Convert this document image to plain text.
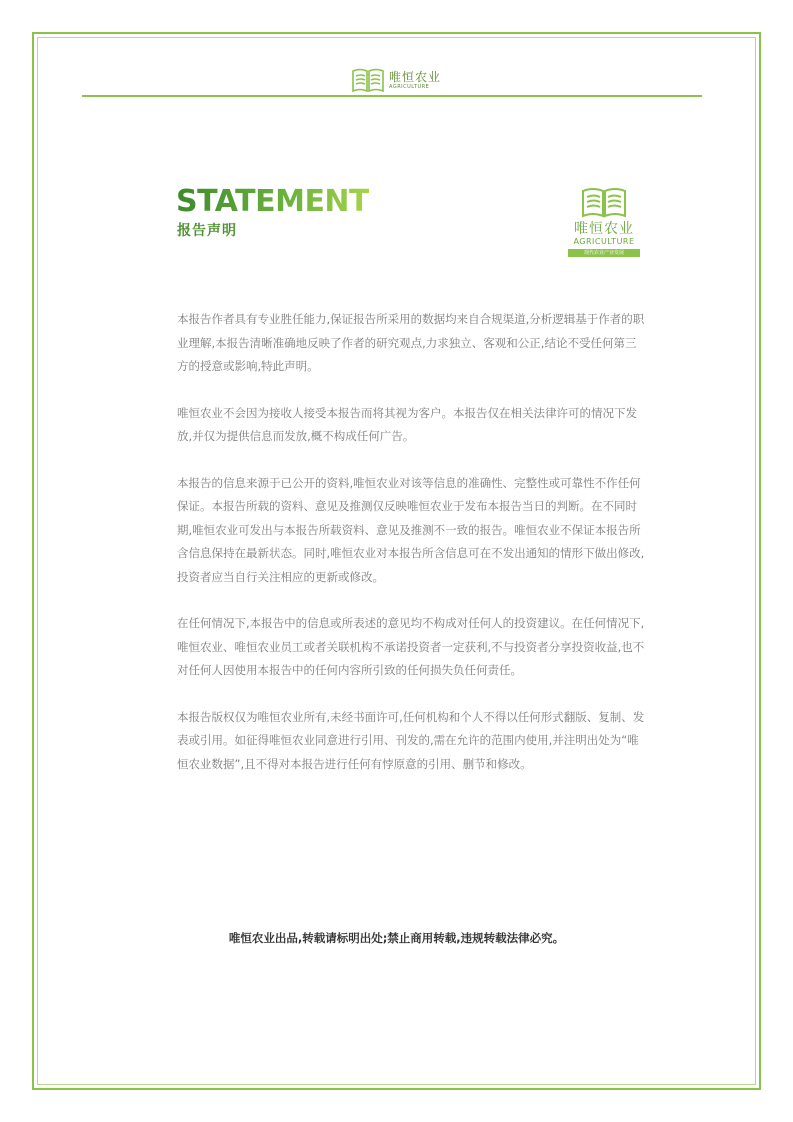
唯恒农业
AGRICULTURE
STATEMENT
报告声明	唯恒农业
AGRICULTURE
现代农业产业发展

本报告作者具有专业胜任能力,保证报告所采用的数据均来自合规渠道,分析逻辑基于作者的职业理解,本报告清晰准确地反映了作者的研究观点,力求独立、客观和公正,结论不受任何第三方的授意或影响,特此声明。

唯恒农业不会因为接收人接受本报告而将其视为客户。本报告仅在相关法律许可的情况下发放,并仅为提供信息而发放,概不构成任何广告。

本报告的信息来源于已公开的资料,唯恒农业对该等信息的准确性、完整性或可靠性不作任何保证。本报告所载的资料、意见及推测仅反映唯恒农业于发布本报告当日的判断。在不同时期,唯恒农业可发出与本报告所载资料、意见及推测不一致的报告。唯恒农业不保证本报告所含信息保持在最新状态。同时,唯恒农业对本报告所含信息可在不发出通知的情形下做出修改,投资者应当自行关注相应的更新或修改。

在任何情况下,本报告中的信息或所表述的意见均不构成对任何人的投资建议。在任何情况下,唯恒农业、唯恒农业员工或者关联机构不承诺投资者一定获利,不与投资者分享投资收益,也不对任何人因使用本报告中的任何内容所引致的任何损失负任何责任。

本报告版权仅为唯恒农业所有,未经书面许可,任何机构和个人不得以任何形式翻版、复制、发表或引用。如征得唯恒农业同意进行引用、刊发的,需在允许的范围内使用,并注明出处为“唯恒农业数据”,且不得对本报告进行任何有悖原意的引用、删节和修改。

唯恒农业出品,转载请标明出处;禁止商用转载,违规转载法律必究。
